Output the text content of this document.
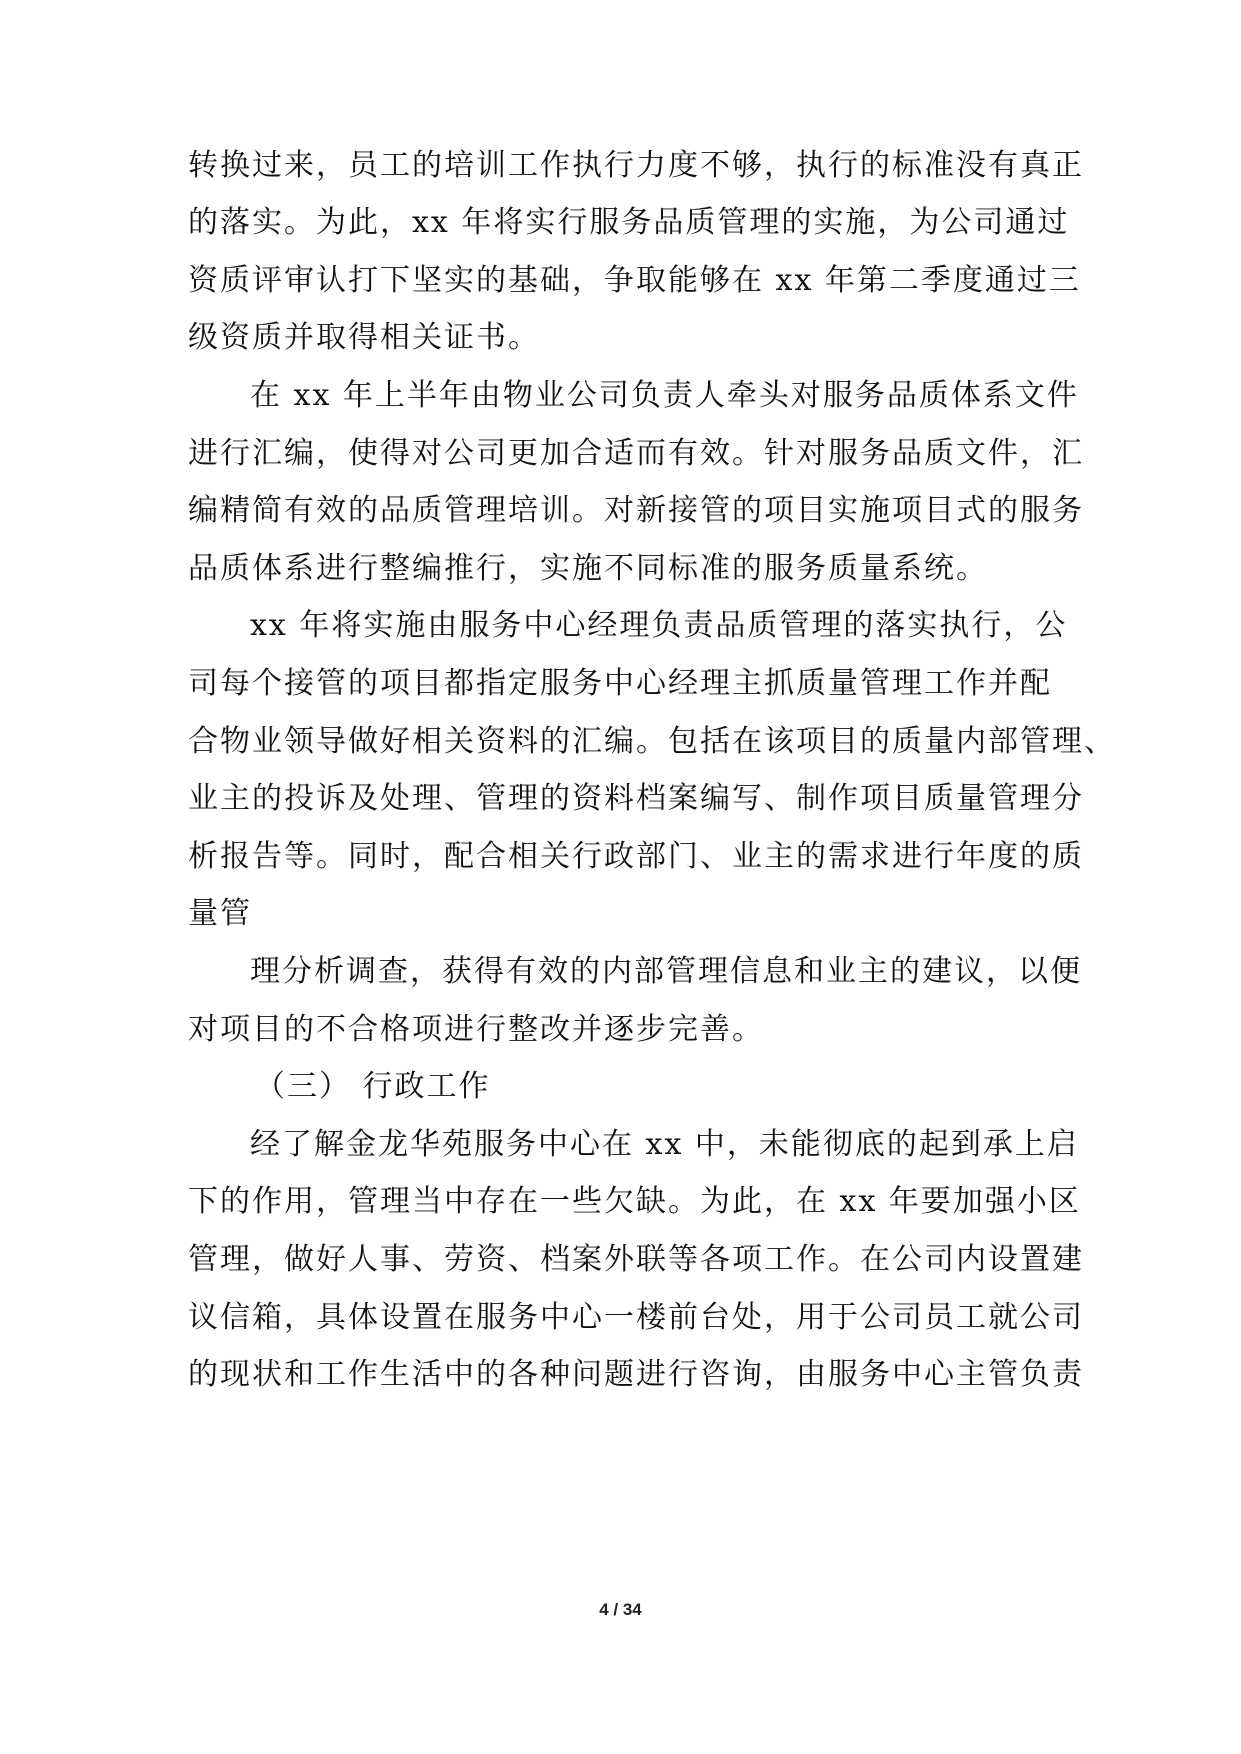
转换过来，员工的培训工作执行力度不够，执行的标准没有真正
的落实。为此，xx 年将实行服务品质管理的实施，为公司通过
资质评审认打下坚实的基础，争取能够在 xx 年第二季度通过三
级资质并取得相关证书。
在 xx 年上半年由物业公司负责人牵头对服务品质体系文件
进行汇编，使得对公司更加合适而有效。针对服务品质文件，汇
编精简有效的品质管理培训。对新接管的项目实施项目式的服务
品质体系进行整编推行，实施不同标准的服务质量系统。
xx 年将实施由服务中心经理负责品质管理的落实执行，公
司每个接管的项目都指定服务中心经理主抓质量管理工作并配
合物业领导做好相关资料的汇编。包括在该项目的质量内部管理、
业主的投诉及处理、管理的资料档案编写、制作项目质量管理分
析报告等。同时，配合相关行政部门、业主的需求进行年度的质
量管
理分析调查，获得有效的内部管理信息和业主的建议，以便
对项目的不合格项进行整改并逐步完善。
（三） 行政工作
经了解金龙华苑服务中心在 xx 中，未能彻底的起到承上启
下的作用，管理当中存在一些欠缺。为此，在 xx 年要加强小区
管理，做好人事、劳资、档案外联等各项工作。在公司内设置建
议信箱，具体设置在服务中心一楼前台处，用于公司员工就公司
的现状和工作生活中的各种问题进行咨询，由服务中心主管负责
4 / 34
